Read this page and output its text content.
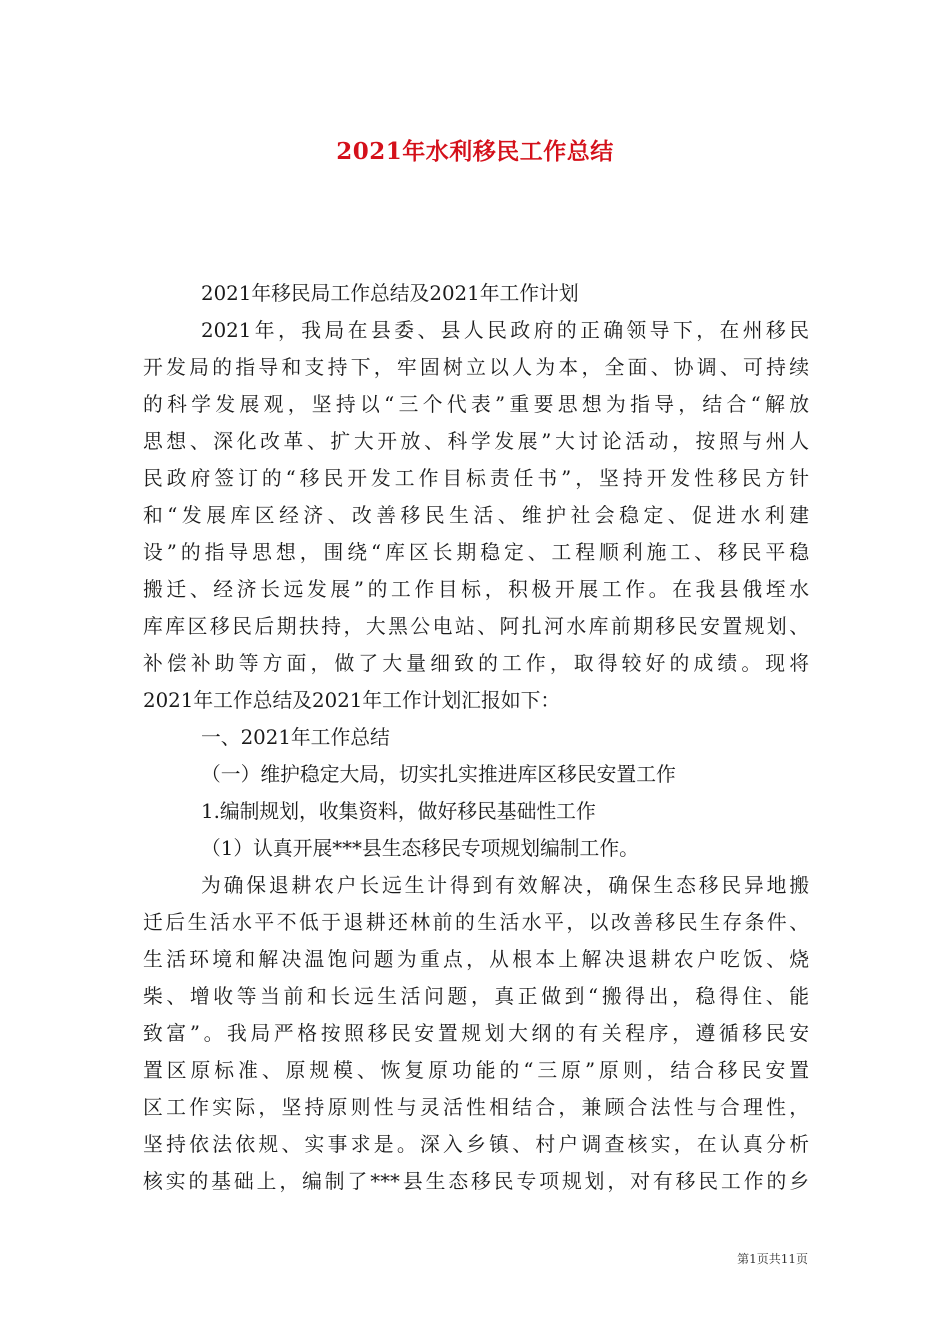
2021年水利移民工作总结
2021年移民局工作总结及2021年工作计划
2021年，我局在县委、县人民政府的正确领导下，在州移民
开发局的指导和支持下，牢固树立以人为本，全面、协调、可持续
的科学发展观，坚持以“三个代表”重要思想为指导，结合“解放
思想、深化改革、扩大开放、科学发展”大讨论活动，按照与州人
民政府签订的“移民开发工作目标责任书”，坚持开发性移民方针
和“发展库区经济、改善移民生活、维护社会稳定、促进水利建
设”的指导思想，围绕“库区长期稳定、工程顺利施工、移民平稳
搬迁、经济长远发展”的工作目标，积极开展工作。在我县俄垤水
库库区移民后期扶持，大黑公电站、阿扎河水库前期移民安置规划、
补偿补助等方面，做了大量细致的工作，取得较好的成绩。现将
2021年工作总结及2021年工作计划汇报如下：
一、2021年工作总结
（一）维护稳定大局，切实扎实推进库区移民安置工作
1.编制规划，收集资料，做好移民基础性工作
（1）认真开展***县生态移民专项规划编制工作。
为确保退耕农户长远生计得到有效解决，确保生态移民异地搬
迁后生活水平不低于退耕还林前的生活水平，以改善移民生存条件、
生活环境和解决温饱问题为重点，从根本上解决退耕农户吃饭、烧
柴、增收等当前和长远生活问题，真正做到“搬得出，稳得住、能
致富”。我局严格按照移民安置规划大纲的有关程序，遵循移民安
置区原标准、原规模、恢复原功能的“三原”原则，结合移民安置
区工作实际，坚持原则性与灵活性相结合，兼顾合法性与合理性，
坚持依法依规、实事求是。深入乡镇、村户调查核实，在认真分析
核实的基础上，编制了***县生态移民专项规划，对有移民工作的乡
第1页共11页
